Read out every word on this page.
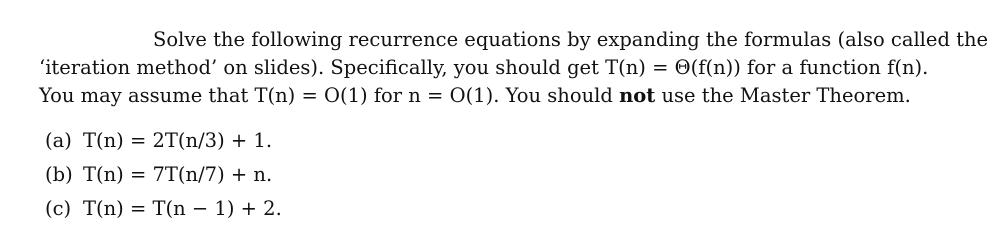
Solve the following recurrence equations by expanding the formulas (also called the
‘iteration method’ on slides). Specifically, you should get T(n) = Θ(f(n)) for a function f(n).
You may assume that T(n) = O(1) for n = O(1). You should not use the Master Theorem.
(a) T(n) = 2T(n/3) + 1.
(b) T(n) = 7T(n/7) + n.
(c) T(n) = T(n − 1) + 2.
